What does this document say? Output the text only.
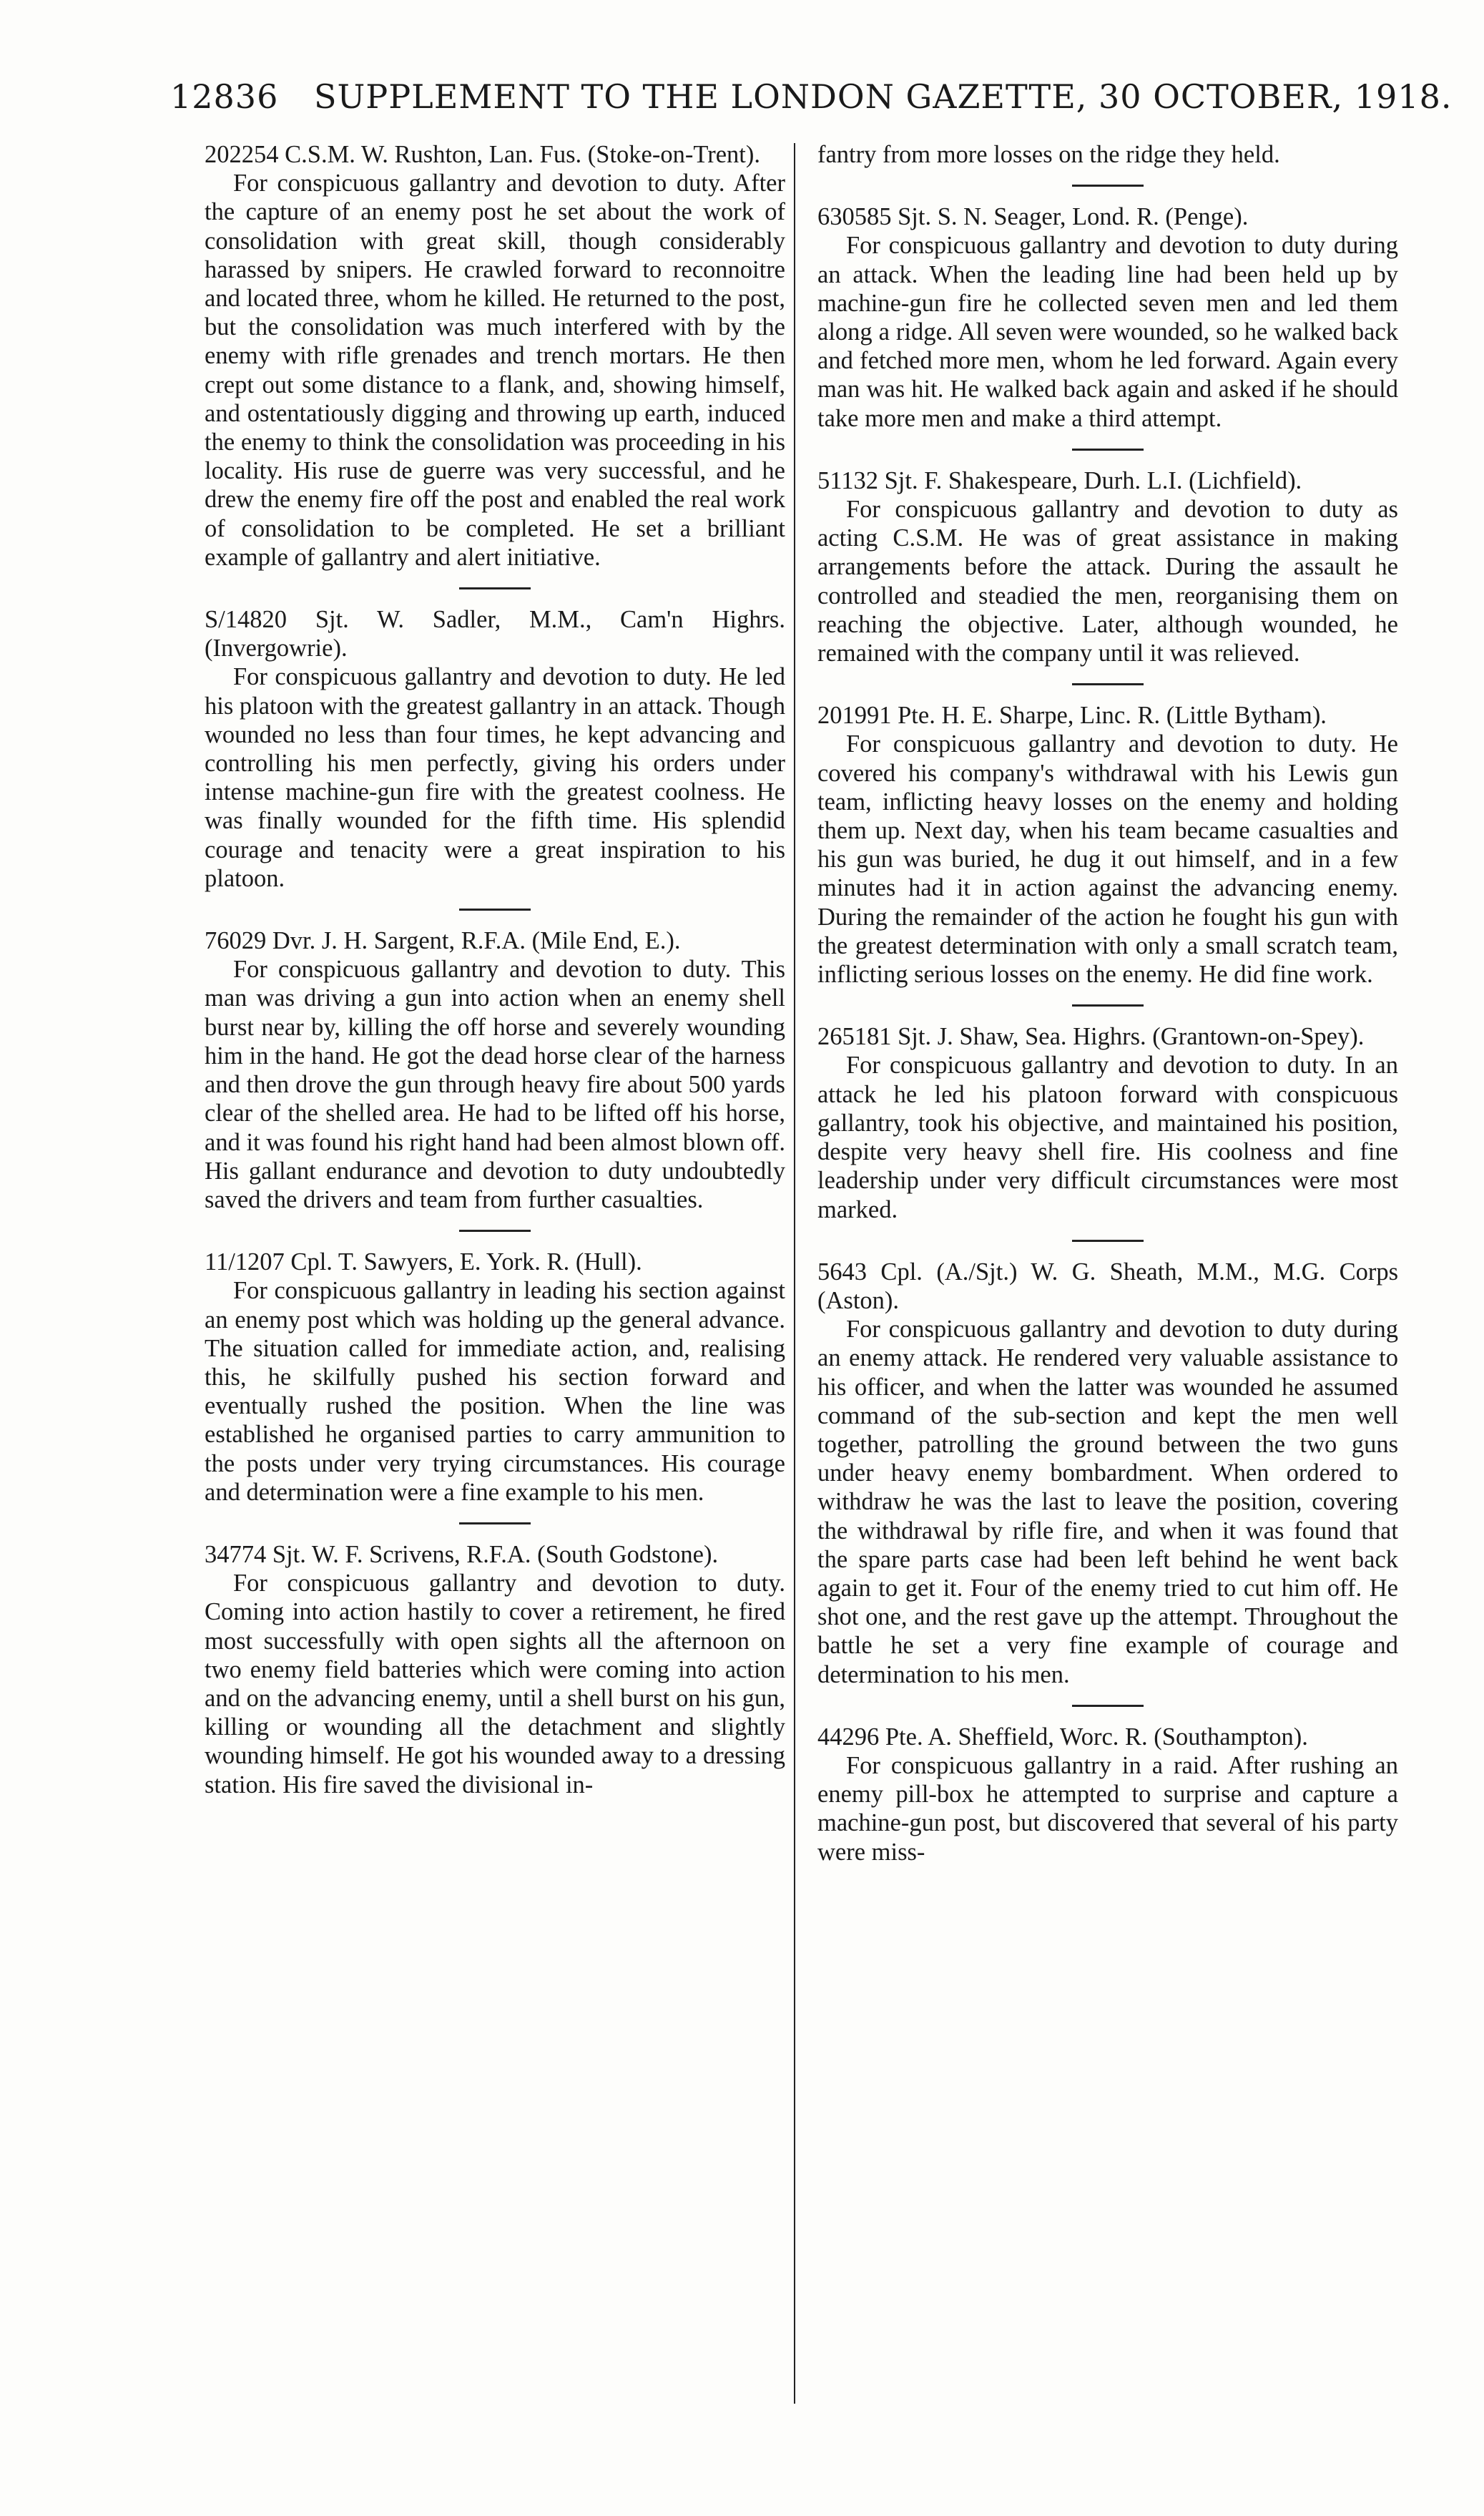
12836 SUPPLEMENT TO THE LONDON GAZETTE, 30 OCTOBER, 1918.

202254 C.S.M. W. Rushton, Lan. Fus. (Stoke-on-Trent).

For conspicuous gallantry and devotion to duty. After the capture of an enemy post he set about the work of consolidation with great skill, though considerably harassed by snipers. He crawled forward to reconnoitre and located three, whom he killed. He returned to the post, but the consolidation was much interfered with by the enemy with rifle grenades and trench mortars. He then crept out some distance to a flank, and, showing himself, and ostentatiously digging and throwing up earth, induced the enemy to think the consolidation was proceeding in his locality. His ruse de guerre was very successful, and he drew the enemy fire off the post and enabled the real work of consolidation to be completed. He set a brilliant example of gallantry and alert initiative.

S/14820 Sjt. W. Sadler, M.M., Cam'n Highrs. (Invergowrie).

For conspicuous gallantry and devotion to duty. He led his platoon with the greatest gallantry in an attack. Though wounded no less than four times, he kept advancing and controlling his men perfectly, giving his orders under intense machine-gun fire with the greatest coolness. He was finally wounded for the fifth time. His splendid courage and tenacity were a great inspiration to his platoon.

76029 Dvr. J. H. Sargent, R.F.A. (Mile End, E.).

For conspicuous gallantry and devotion to duty. This man was driving a gun into action when an enemy shell burst near by, killing the off horse and severely wounding him in the hand. He got the dead horse clear of the harness and then drove the gun through heavy fire about 500 yards clear of the shelled area. He had to be lifted off his horse, and it was found his right hand had been almost blown off. His gallant endurance and devotion to duty undoubtedly saved the drivers and team from further casualties.

11/1207 Cpl. T. Sawyers, E. York. R. (Hull).

For conspicuous gallantry in leading his section against an enemy post which was holding up the general advance. The situation called for immediate action, and, realising this, he skilfully pushed his section forward and eventually rushed the position. When the line was established he organised parties to carry ammunition to the posts under very trying circumstances. His courage and determination were a fine example to his men.

34774 Sjt. W. F. Scrivens, R.F.A. (South Godstone).

For conspicuous gallantry and devotion to duty. Coming into action hastily to cover a retirement, he fired most successfully with open sights all the afternoon on two enemy field batteries which were coming into action and on the advancing enemy, until a shell burst on his gun, killing or wounding all the detachment and slightly wounding himself. He got his wounded away to a dressing station. His fire saved the divisional in-

fantry from more losses on the ridge they held.

630585 Sjt. S. N. Seager, Lond. R. (Penge).

For conspicuous gallantry and devotion to duty during an attack. When the leading line had been held up by machine-gun fire he collected seven men and led them along a ridge. All seven were wounded, so he walked back and fetched more men, whom he led forward. Again every man was hit. He walked back again and asked if he should take more men and make a third attempt.

51132 Sjt. F. Shakespeare, Durh. L.I. (Lichfield).

For conspicuous gallantry and devotion to duty as acting C.S.M. He was of great assistance in making arrangements before the attack. During the assault he controlled and steadied the men, reorganising them on reaching the objective. Later, although wounded, he remained with the company until it was relieved.

201991 Pte. H. E. Sharpe, Linc. R. (Little Bytham).

For conspicuous gallantry and devotion to duty. He covered his company's withdrawal with his Lewis gun team, inflicting heavy losses on the enemy and holding them up. Next day, when his team became casualties and his gun was buried, he dug it out himself, and in a few minutes had it in action against the advancing enemy. During the remainder of the action he fought his gun with the greatest determination with only a small scratch team, inflicting serious losses on the enemy. He did fine work.

265181 Sjt. J. Shaw, Sea. Highrs. (Grantown-on-Spey).

For conspicuous gallantry and devotion to duty. In an attack he led his platoon forward with conspicuous gallantry, took his objective, and maintained his position, despite very heavy shell fire. His coolness and fine leadership under very difficult circumstances were most marked.

5643 Cpl. (A./Sjt.) W. G. Sheath, M.M., M.G. Corps (Aston).

For conspicuous gallantry and devotion to duty during an enemy attack. He rendered very valuable assistance to his officer, and when the latter was wounded he assumed command of the sub-section and kept the men well together, patrolling the ground between the two guns under heavy enemy bombardment. When ordered to withdraw he was the last to leave the position, covering the withdrawal by rifle fire, and when it was found that the spare parts case had been left behind he went back again to get it. Four of the enemy tried to cut him off. He shot one, and the rest gave up the attempt. Throughout the battle he set a very fine example of courage and determination to his men.

44296 Pte. A. Sheffield, Worc. R. (Southampton).

For conspicuous gallantry in a raid. After rushing an enemy pill-box he attempted to surprise and capture a machine-gun post, but discovered that several of his party were miss-
